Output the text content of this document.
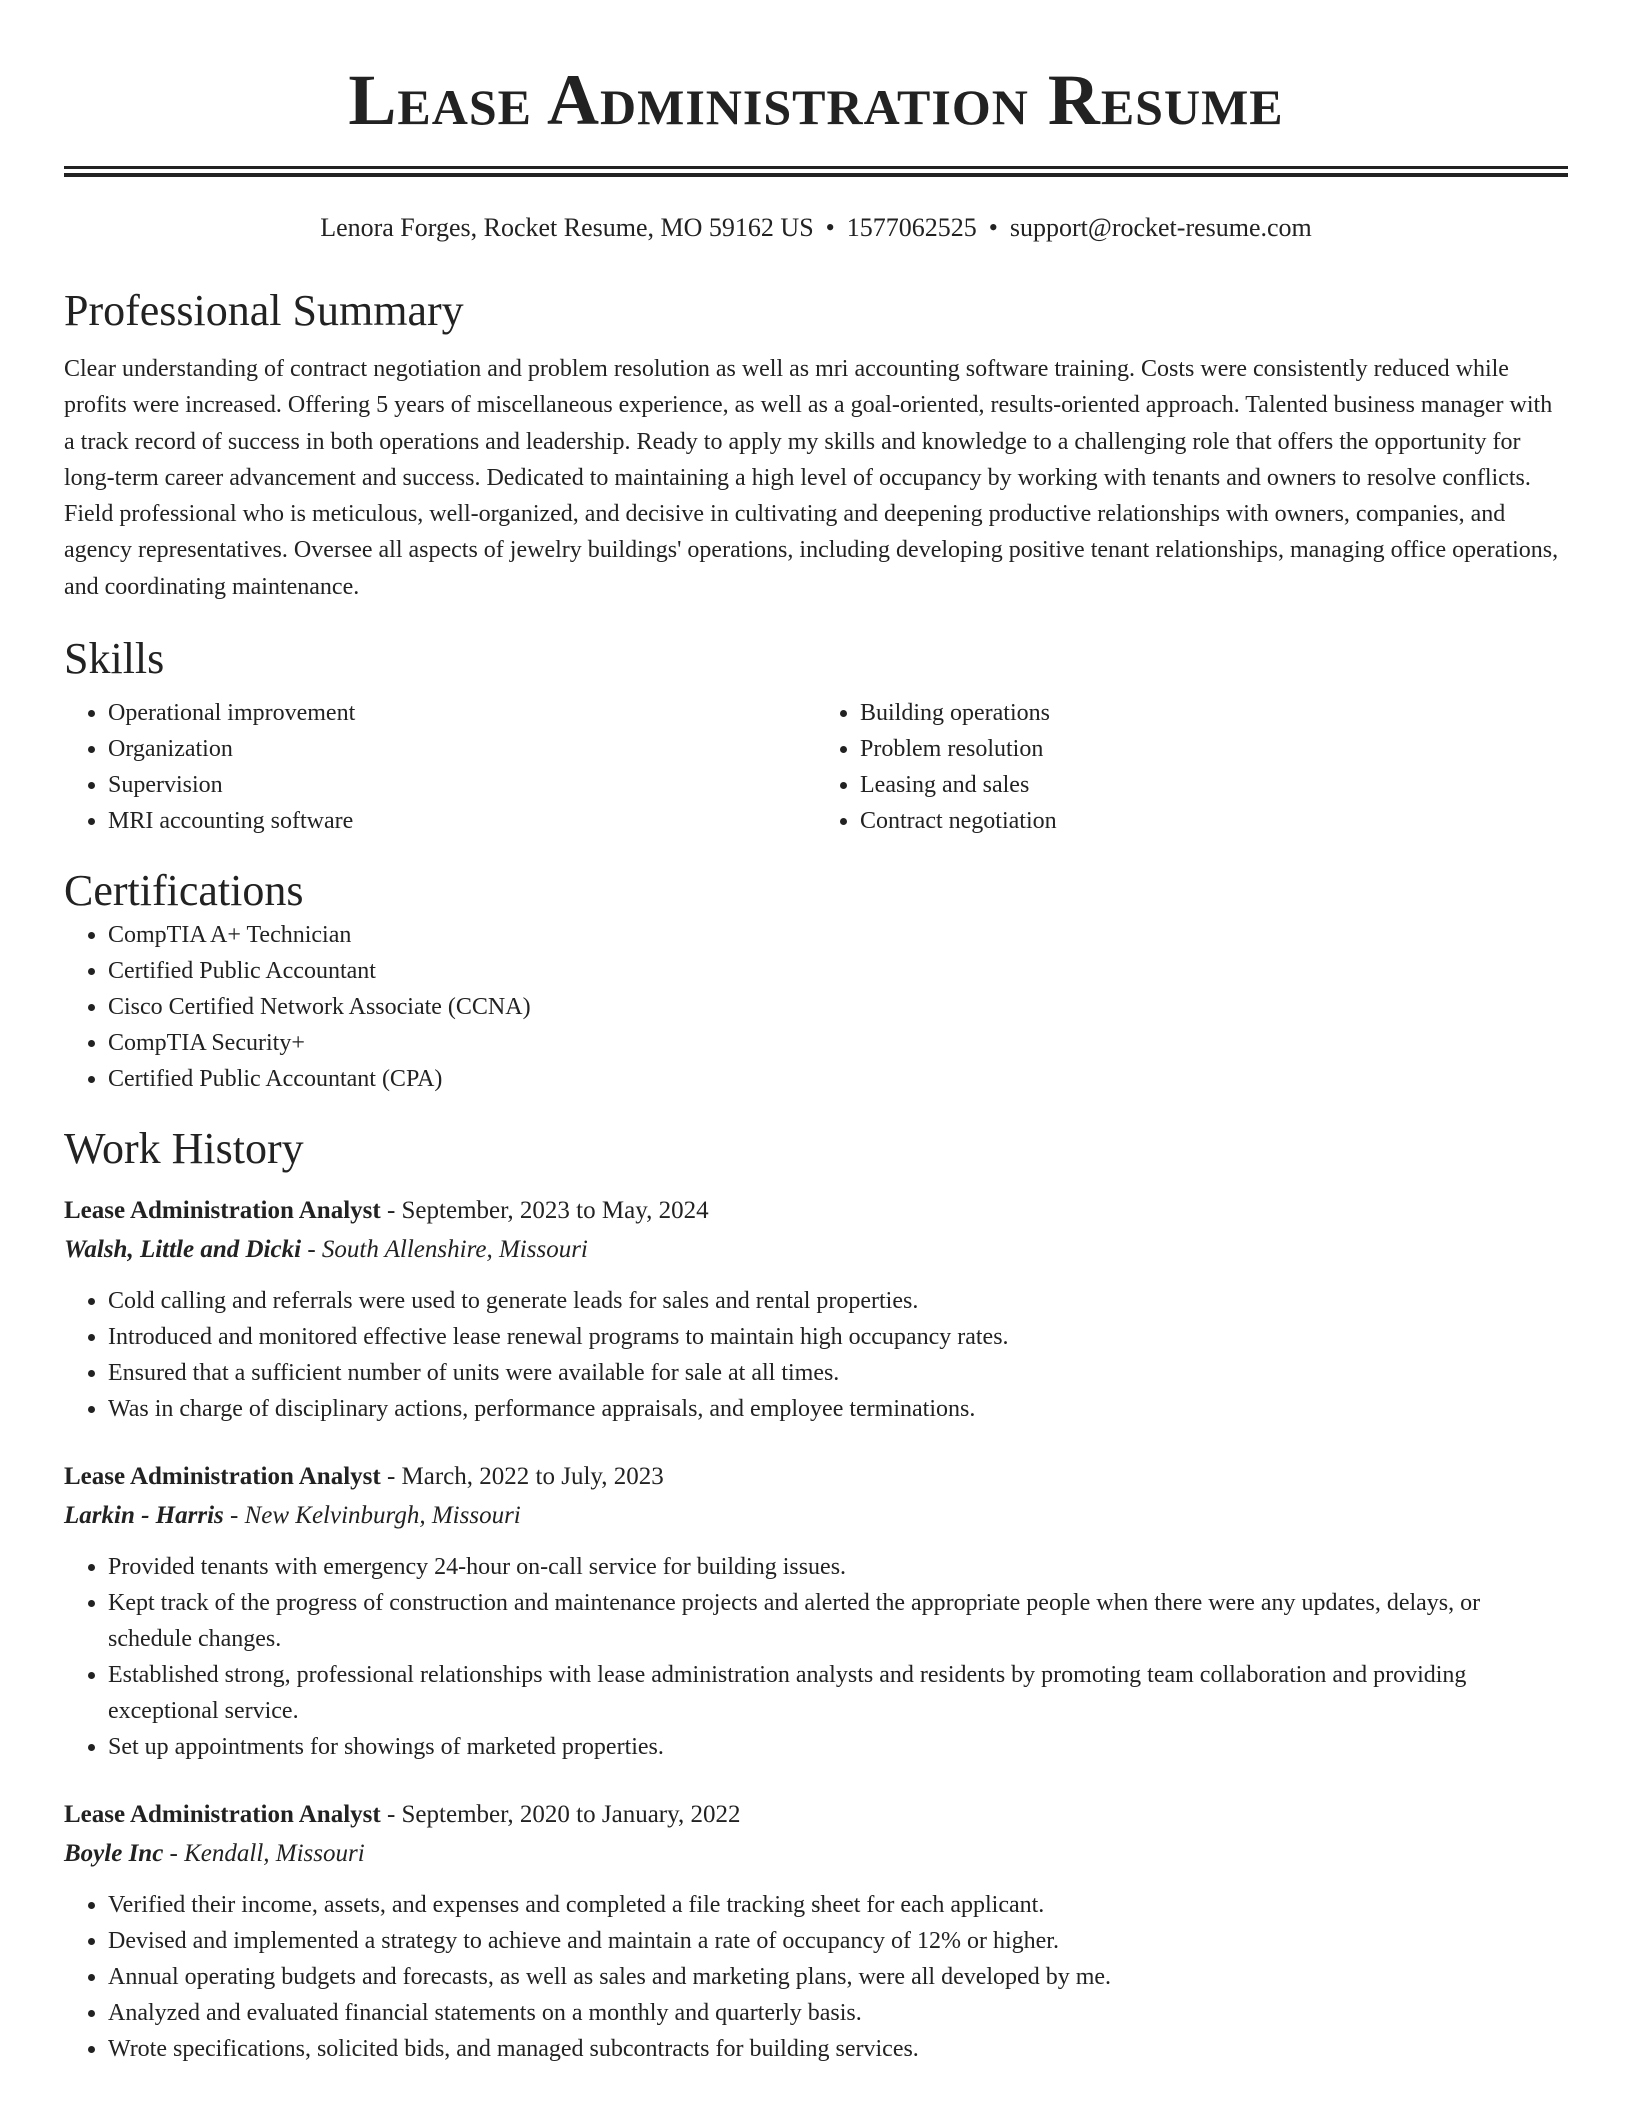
Lease Administration Resume
Lenora Forges, Rocket Resume, MO 59162 US • 1577062525 • support@rocket-resume.com
Professional Summary

Clear understanding of contract negotiation and problem resolution as well as mri accounting software training. Costs were consistently reduced while profits were increased. Offering 5 years of miscellaneous experience, as well as a goal-oriented, results-oriented approach. Talented business manager with a track record of success in both operations and leadership. Ready to apply my skills and knowledge to a challenging role that offers the opportunity for long-term career advancement and success. Dedicated to maintaining a high level of occupancy by working with tenants and owners to resolve conflicts. Field professional who is meticulous, well-organized, and decisive in cultivating and deepening productive relationships with owners, companies, and agency representatives. Oversee all aspects of jewelry buildings' operations, including developing positive tenant relationships, managing office operations, and coordinating maintenance.

Skills
• Operational improvement
• Organization
• Supervision
• MRI accounting software
• Building operations
• Problem resolution
• Leasing and sales
• Contract negotiation
Certifications
• CompTIA A+ Technician
• Certified Public Accountant
• Cisco Certified Network Associate (CCNA)
• CompTIA Security+
• Certified Public Accountant (CPA)
Work History
Lease Administration Analyst - September, 2023 to May, 2024
Walsh, Little and Dicki - South Allenshire, Missouri
• Cold calling and referrals were used to generate leads for sales and rental properties.
• Introduced and monitored effective lease renewal programs to maintain high occupancy rates.
• Ensured that a sufficient number of units were available for sale at all times.
• Was in charge of disciplinary actions, performance appraisals, and employee terminations.
Lease Administration Analyst - March, 2022 to July, 2023
Larkin - Harris - New Kelvinburgh, Missouri
• Provided tenants with emergency 24-hour on-call service for building issues.
• Kept track of the progress of construction and maintenance projects and alerted the appropriate people when there were any updates, delays, or schedule changes.
• Established strong, professional relationships with lease administration analysts and residents by promoting team collaboration and providing exceptional service.
• Set up appointments for showings of marketed properties.
Lease Administration Analyst - September, 2020 to January, 2022
Boyle Inc - Kendall, Missouri
• Verified their income, assets, and expenses and completed a file tracking sheet for each applicant.
• Devised and implemented a strategy to achieve and maintain a rate of occupancy of 12% or higher.
• Annual operating budgets and forecasts, as well as sales and marketing plans, were all developed by me.
• Analyzed and evaluated financial statements on a monthly and quarterly basis.
• Wrote specifications, solicited bids, and managed subcontracts for building services.
